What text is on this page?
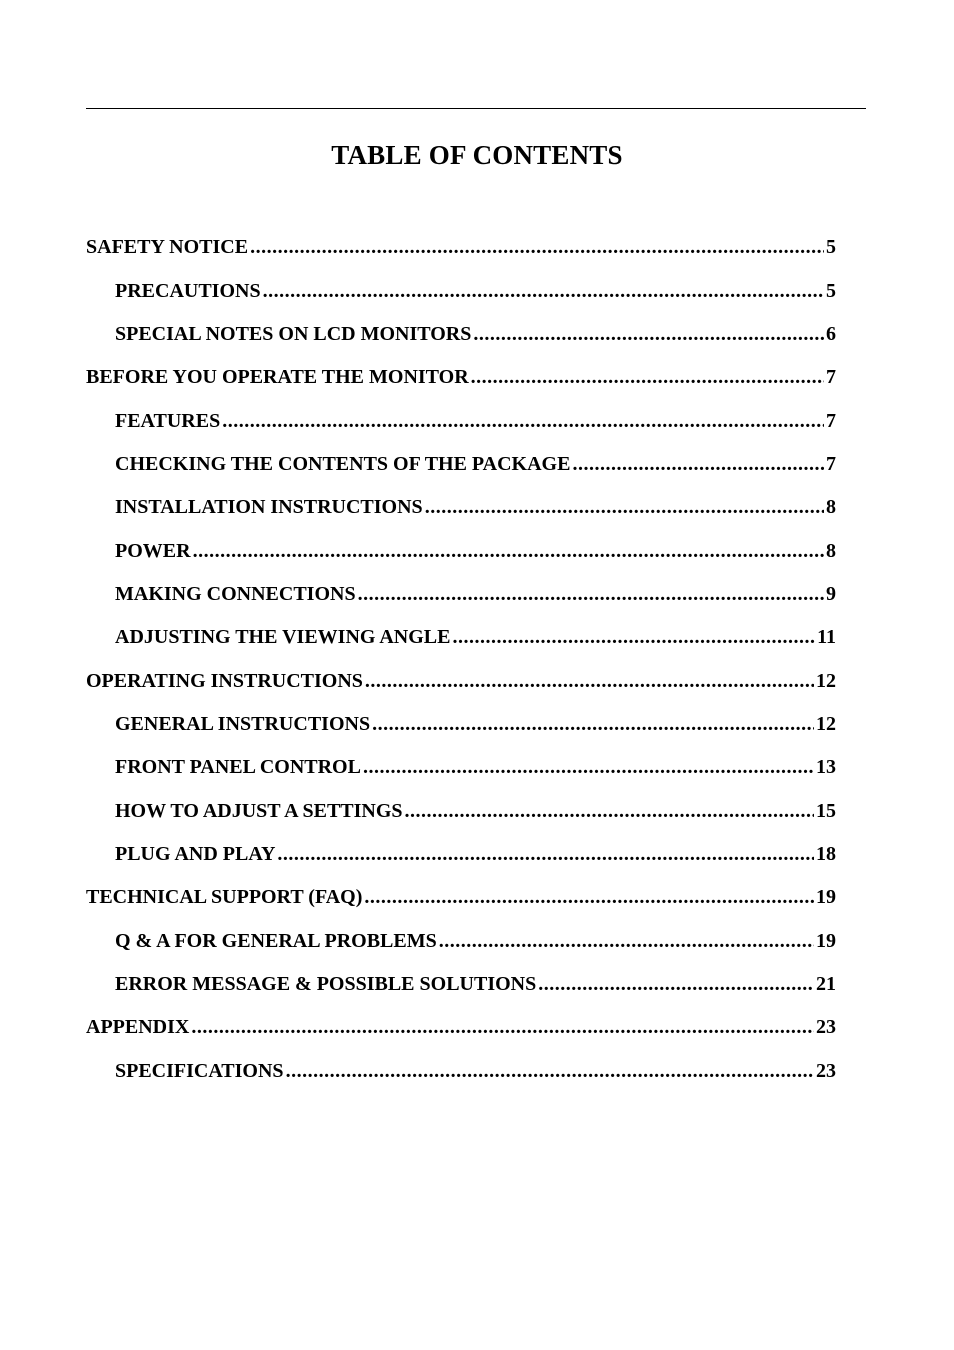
TABLE OF CONTENTS
SAFETY NOTICE .....	5
PRECAUTIONS .....	5
SPECIAL NOTES ON LCD MONITORS .....	6
BEFORE YOU OPERATE THE MONITOR .....	7
FEATURES .....	7
CHECKING THE CONTENTS OF THE PACKAGE .....	7
INSTALLATION INSTRUCTIONS .....	8
POWER .....	8
MAKING CONNECTIONS .....	9
ADJUSTING THE VIEWING ANGLE .....	11
OPERATING INSTRUCTIONS .....	12
GENERAL INSTRUCTIONS .....	12
FRONT PANEL CONTROL .....	13
HOW TO ADJUST A SETTINGS .....	15
PLUG AND PLAY .....	18
TECHNICAL SUPPORT (FAQ) .....	19
Q & A FOR GENERAL PROBLEMS .....	19
ERROR MESSAGE & POSSIBLE SOLUTIONS .....	21
APPENDIX .....	23
SPECIFICATIONS .....	23
